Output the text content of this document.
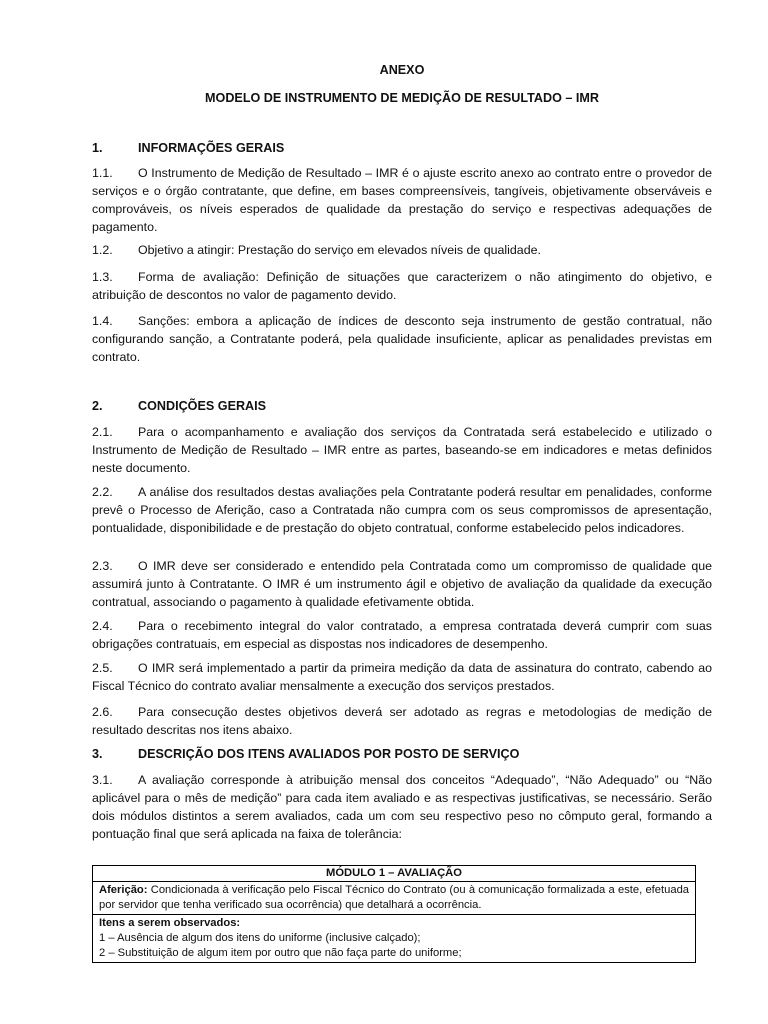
ANEXO
MODELO DE INSTRUMENTO DE MEDIÇÃO DE RESULTADO – IMR
1.	INFORMAÇÕES GERAIS
1.1. O Instrumento de Medição de Resultado – IMR é o ajuste escrito anexo ao contrato entre o provedor de serviços e o órgão contratante, que define, em bases compreensíveis, tangíveis, objetivamente observáveis e comprováveis, os níveis esperados de qualidade da prestação do serviço e respectivas adequações de pagamento.
1.2. Objetivo a atingir: Prestação do serviço em elevados níveis de qualidade.
1.3. Forma de avaliação: Definição de situações que caracterizem o não atingimento do objetivo, e atribuição de descontos no valor de pagamento devido.
1.4. Sanções: embora a aplicação de índices de desconto seja instrumento de gestão contratual, não configurando sanção, a Contratante poderá, pela qualidade insuficiente, aplicar as penalidades previstas em contrato.
2.	CONDIÇÕES GERAIS
2.1. Para o acompanhamento e avaliação dos serviços da Contratada será estabelecido e utilizado o Instrumento de Medição de Resultado – IMR entre as partes, baseando-se em indicadores e metas definidos neste documento.
2.2. A análise dos resultados destas avaliações pela Contratante poderá resultar em penalidades, conforme prevê o Processo de Aferição, caso a Contratada não cumpra com os seus compromissos de apresentação, pontualidade, disponibilidade e de prestação do objeto contratual, conforme estabelecido pelos indicadores.
2.3. O IMR deve ser considerado e entendido pela Contratada como um compromisso de qualidade que assumirá junto à Contratante. O IMR é um instrumento ágil e objetivo de avaliação da qualidade da execução contratual, associando o pagamento à qualidade efetivamente obtida.
2.4. Para o recebimento integral do valor contratado, a empresa contratada deverá cumprir com suas obrigações contratuais, em especial as dispostas nos indicadores de desempenho.
2.5. O IMR será implementado a partir da primeira medição da data de assinatura do contrato, cabendo ao Fiscal Técnico do contrato avaliar mensalmente a execução dos serviços prestados.
2.6. Para consecução destes objetivos deverá ser adotado as regras e metodologias de medição de resultado descritas nos itens abaixo.
3.	DESCRIÇÃO DOS ITENS AVALIADOS POR POSTO DE SERVIÇO
3.1. A avaliação corresponde à atribuição mensal dos conceitos “Adequado”, “Não Adequado” ou “Não aplicável para o mês de medição” para cada item avaliado e as respectivas justificativas, se necessário. Serão dois módulos distintos a serem avaliados, cada um com seu respectivo peso no cômputo geral, formando a pontuação final que será aplicada na faixa de tolerância:
MÓDULO 1 – AVALIAÇÃO
Aferição: Condicionada à verificação pelo Fiscal Técnico do Contrato (ou à comunicação formalizada a este, efetuada por servidor que tenha verificado sua ocorrência) que detalhará a ocorrência.

Itens a serem observados:
1 – Ausência de algum dos itens do uniforme (inclusive calçado);
2 – Substituição de algum item por outro que não faça parte do uniforme;
